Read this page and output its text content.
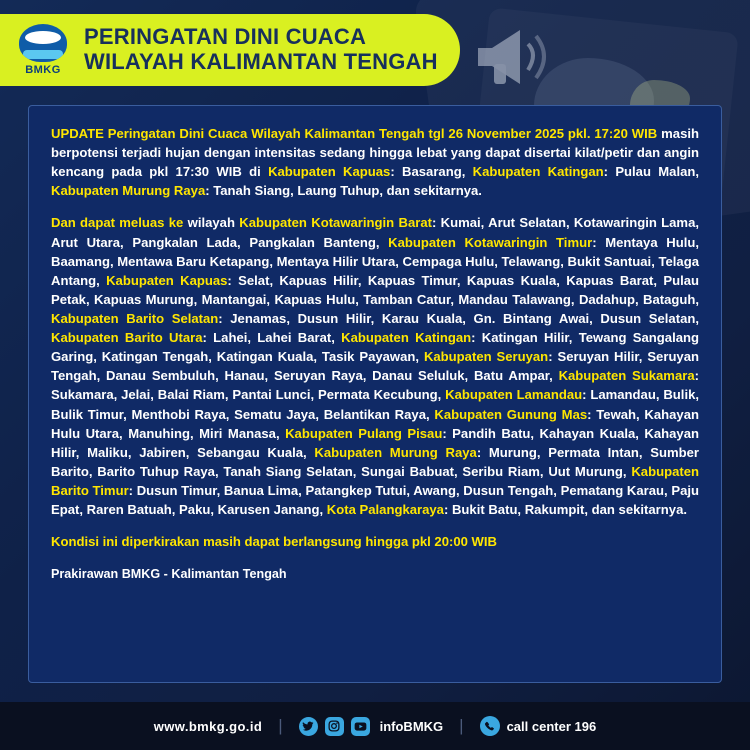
BMKG
PERINGATAN DINI CUACA
WILAYAH KALIMANTAN TENGAH

UPDATE Peringatan Dini Cuaca Wilayah Kalimantan Tengah tgl 26 November 2025 pkl. 17:20 WIB masih berpotensi terjadi hujan dengan intensitas sedang hingga lebat yang dapat disertai kilat/petir dan angin kencang pada pkl 17:30 WIB di Kabupaten Kapuas: Basarang, Kabupaten Katingan: Pulau Malan, Kabupaten Murung Raya: Tanah Siang, Laung Tuhup, dan sekitarnya.

Dan dapat meluas ke wilayah Kabupaten Kotawaringin Barat: Kumai, Arut Selatan, Kotawaringin Lama, Arut Utara, Pangkalan Lada, Pangkalan Banteng, Kabupaten Kotawaringin Timur: Mentaya Hulu, Baamang, Mentawa Baru Ketapang, Mentaya Hilir Utara, Cempaga Hulu, Telawang, Bukit Santuai, Telaga Antang, Kabupaten Kapuas: Selat, Kapuas Hilir, Kapuas Timur, Kapuas Kuala, Kapuas Barat, Pulau Petak, Kapuas Murung, Mantangai, Kapuas Hulu, Tamban Catur, Mandau Talawang, Dadahup, Bataguh, Kabupaten Barito Selatan: Jenamas, Dusun Hilir, Karau Kuala, Gn. Bintang Awai, Dusun Selatan, Kabupaten Barito Utara: Lahei, Lahei Barat, Kabupaten Katingan: Katingan Hilir, Tewang Sangalang Garing, Katingan Tengah, Katingan Kuala, Tasik Payawan, Kabupaten Seruyan: Seruyan Hilir, Seruyan Tengah, Danau Sembuluh, Hanau, Seruyan Raya, Danau Seluluk, Batu Ampar, Kabupaten Sukamara: Sukamara, Jelai, Balai Riam, Pantai Lunci, Permata Kecubung, Kabupaten Lamandau: Lamandau, Bulik, Bulik Timur, Menthobi Raya, Sematu Jaya, Belantikan Raya, Kabupaten Gunung Mas: Tewah, Kahayan Hulu Utara, Manuhing, Miri Manasa, Kabupaten Pulang Pisau: Pandih Batu, Kahayan Kuala, Kahayan Hilir, Maliku, Jabiren, Sebangau Kuala, Kabupaten Murung Raya: Murung, Permata Intan, Sumber Barito, Barito Tuhup Raya, Tanah Siang Selatan, Sungai Babuat, Seribu Riam, Uut Murung, Kabupaten Barito Timur: Dusun Timur, Banua Lima, Patangkep Tutui, Awang, Dusun Tengah, Pematang Karau, Paju Epat, Raren Batuah, Paku, Karusen Janang, Kota Palangkaraya: Bukit Batu, Rakumpit, dan sekitarnya.

Kondisi ini diperkirakan masih dapat berlangsung hingga pkl 20:00 WIB

Prakirawan BMKG - Kalimantan Tengah
www.bmkg.go.id |	infoBMKG |	call center 196
